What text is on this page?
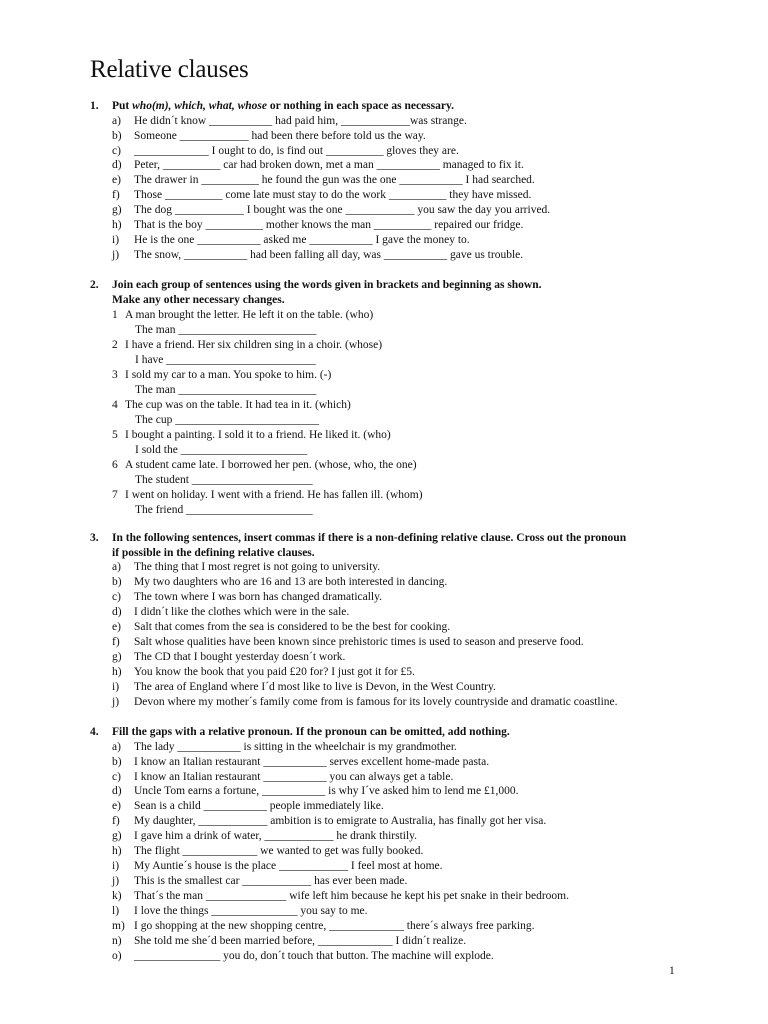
Relative clauses
1.	Put who(m), which, what, whose or nothing in each space as necessary.
a)	He didn´t know ___________ had paid him, ____________was strange.
b)	Someone ____________ had been there before told us the way.
c)	_____________ I ought to do, is find out __________ gloves they are.
d)	Peter, __________ car had broken down, met a man ___________ managed to fix it.
e)	The drawer in __________ he found the gun was the one ___________ I had searched.
f)	Those __________ come late must stay to do the work __________ they have missed.
g)	The dog ____________ I bought was the one ____________ you saw the day you arrived.
h)	That is the boy __________ mother knows the man __________ repaired our fridge.
i)	He is the one ___________ asked me ___________ I gave the money to.
j)	The snow, ___________ had been falling all day, was ___________ gave us trouble.
2.	Join each group of sentences using the words given in brackets and beginning as shown.
Make any other necessary changes.
1 A man brought the letter. He left it on the table. (who)
The man ________________________
2 I have a friend. Her six children sing in a choir. (whose)
I have __________________________
3 I sold my car to a man. You spoke to him. (-)
The man ________________________
4 The cup was on the table. It had tea in it. (which)
The cup _________________________
5 I bought a painting. I sold it to a friend. He liked it. (who)
I sold the ______________________
6 A student came late. I borrowed her pen. (whose, who, the one)
The student _____________________
7 I went on holiday. I went with a friend. He has fallen ill. (whom)
The friend ______________________
3.	In the following sentences, insert commas if there is a non-defining relative clause. Cross out the pronoun
if possible in the defining relative clauses.
a)	The thing that I most regret is not going to university.
b)	My two daughters who are 16 and 13 are both interested in dancing.
c)	The town where I was born has changed dramatically.
d)	I didn´t like the clothes which were in the sale.
e)	Salt that comes from the sea is considered to be the best for cooking.
f)	Salt whose qualities have been known since prehistoric times is used to season and preserve food.
g)	The CD that I bought yesterday doesn´t work.
h)	You know the book that you paid £20 for? I just got it for £5.
i)	The area of England where I´d most like to live is Devon, in the West Country.
j)	Devon where my mother´s family come from is famous for its lovely countryside and dramatic coastline.
4.	Fill the gaps with a relative pronoun. If the pronoun can be omitted, add nothing.
a)	The lady ___________ is sitting in the wheelchair is my grandmother.
b)	I know an Italian restaurant ___________ serves excellent home-made pasta.
c)	I know an Italian restaurant ___________ you can always get a table.
d)	Uncle Tom earns a fortune, ___________ is why I´ve asked him to lend me £1,000.
e)	Sean is a child ___________ people immediately like.
f)	My daughter, ____________ ambition is to emigrate to Australia, has finally got her visa.
g)	I gave him a drink of water, ____________ he drank thirstily.
h)	The flight _____________ we wanted to get was fully booked.
i)	My Auntie´s house is the place ____________ I feel most at home.
j)	This is the smallest car ____________ has ever been made.
k)	That´s the man ______________ wife left him because he kept his pet snake in their bedroom.
l)	I love the things _______________ you say to me.
m) I go shopping at the new shopping centre, _____________ there´s always free parking.
n)	She told me she´d been married before, _____________ I didn´t realize.
o)	_______________ you do, don´t touch that button. The machine will explode.
1
